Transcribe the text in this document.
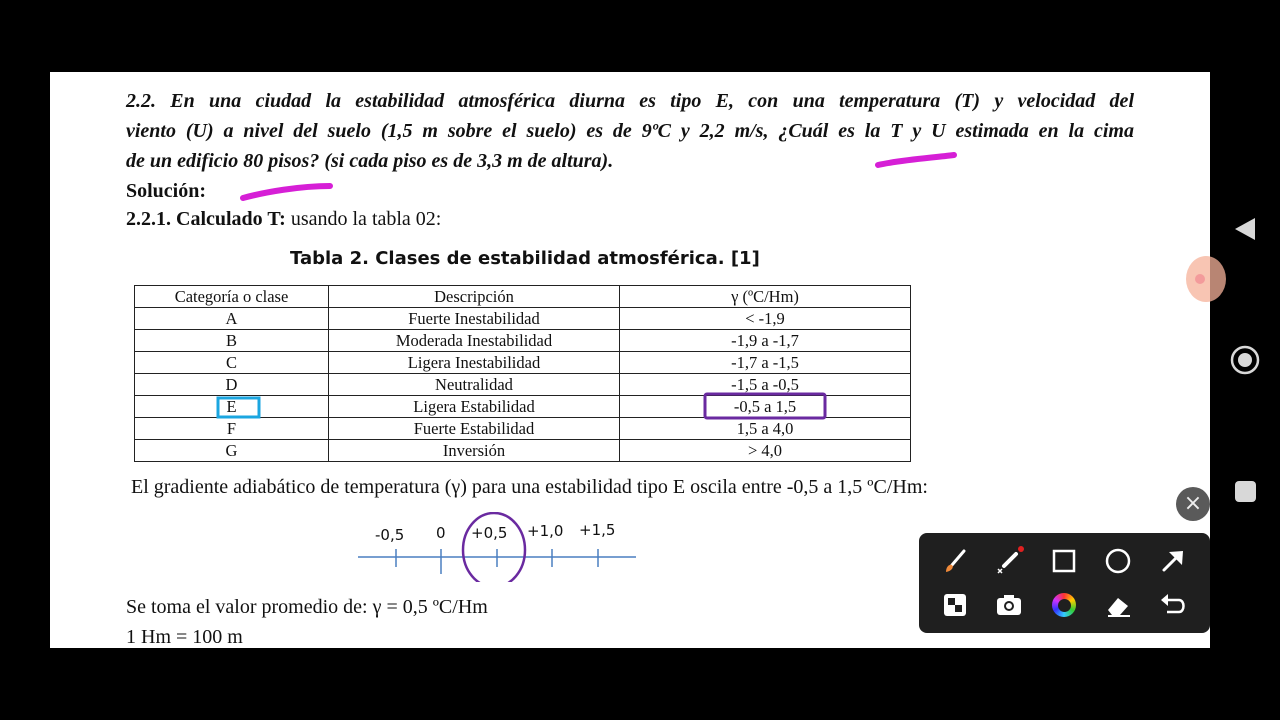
2.2. En una ciudad la estabilidad atmosférica diurna es tipo E, con una temperatura (T) y velocidad del
viento (U) a nivel del suelo (1,5 m sobre el suelo) es de 9ºC y 2,2 m/s, ¿Cuál es la T y U estimada en la cima
de un edificio 80 pisos? (si cada piso es de 3,3 m de altura).
Solución:
2.2.1. Calculado T: usando la tabla 02:
Tabla 2. Clases de estabilidad atmosférica. [1]
Categoría o clase	Descripción	γ (ºC/Hm)
A	Fuerte Inestabilidad	< -1,9
B	Moderada Inestabilidad	-1,9 a -1,7
C	Ligera Inestabilidad	-1,7 a -1,5
D	Neutralidad	-1,5 a -0,5
E	Ligera Estabilidad	-0,5 a 1,5
F	Fuerte Estabilidad	1,5 a 4,0
G	Inversión	> 4,0
El gradiente adiabático de temperatura (γ) para una estabilidad tipo E oscila entre -0,5 a 1,5 ºC/Hm:
-0,5 0 +0,5 +1,0 +1,5
Se toma el valor promedio de: γ = 0,5 ºC/Hm
1 Hm = 100 m
×
